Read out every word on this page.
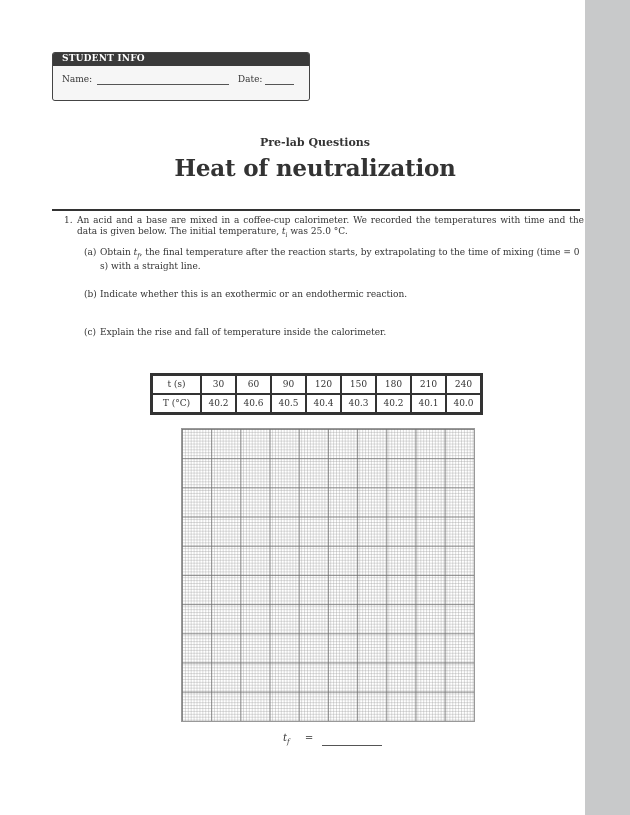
STUDENT INFO
Name:	Date:
Pre-lab Questions
Heat of neutralization
1. An acid and a base are mixed in a coffee-cup calorimeter. We recorded the temperatures with time and the data is given below. The initial temperature, $t_i$ was 25.0 °C.
(a) Obtain $t_f$, the final temperature after the reaction starts, by extrapolating to the time of mixing (time = 0 s) with a straight line.
(b) Indicate whether this is an exothermic or an endothermic reaction.
(c) Explain the rise and fall of temperature inside the calorimeter.
t (s)	30	60	90	120	150	180	210	240
T (°C)	40.2	40.6	40.5	40.4	40.3	40.2	40.1	40.0
$t_f$ =
